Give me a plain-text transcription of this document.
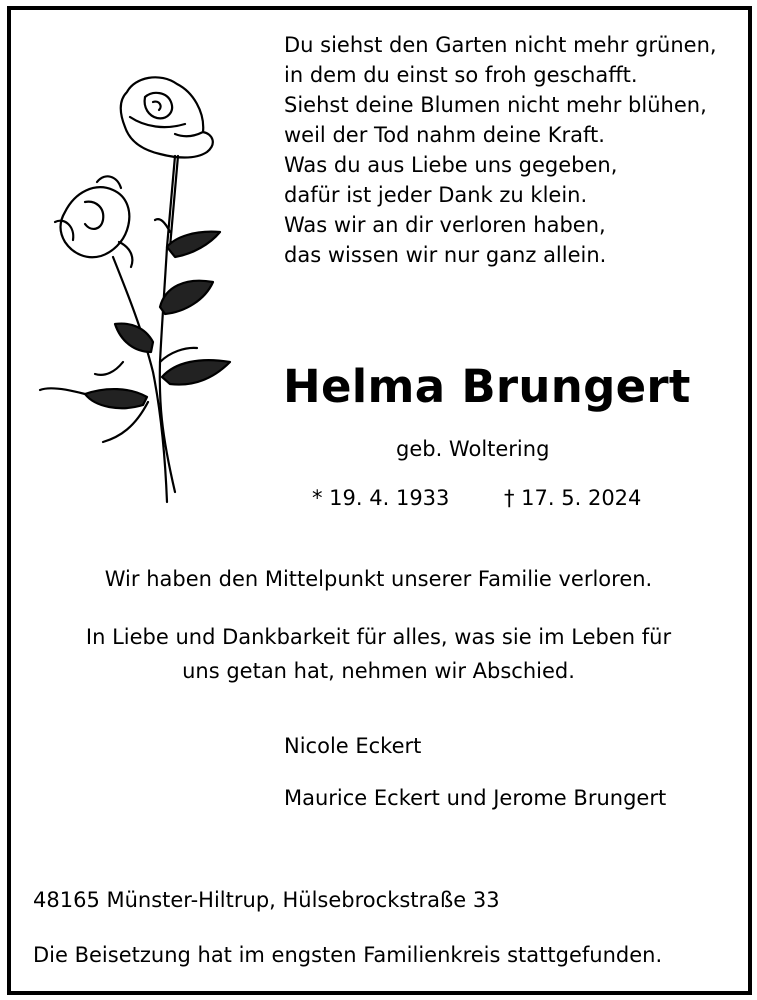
Du siehst den Garten nicht mehr grünen,
in dem du einst so froh geschafft.
Siehst deine Blumen nicht mehr blühen,
weil der Tod nahm deine Kraft.
Was du aus Liebe uns gegeben,
dafür ist jeder Dank zu klein.
Was wir an dir verloren haben,
das wissen wir nur ganz allein.
Helma Brungert
geb. Woltering
* 19. 4. 1933	† 17. 5. 2024
Wir haben den Mittelpunkt unserer Familie verloren.
In Liebe und Dankbarkeit für alles, was sie im Leben für
uns getan hat, nehmen wir Abschied.
Nicole Eckert
Maurice Eckert und Jerome Brungert
48165 Münster-Hiltrup, Hülsebrockstraße 33
Die Beisetzung hat im engsten Familienkreis stattgefunden.
